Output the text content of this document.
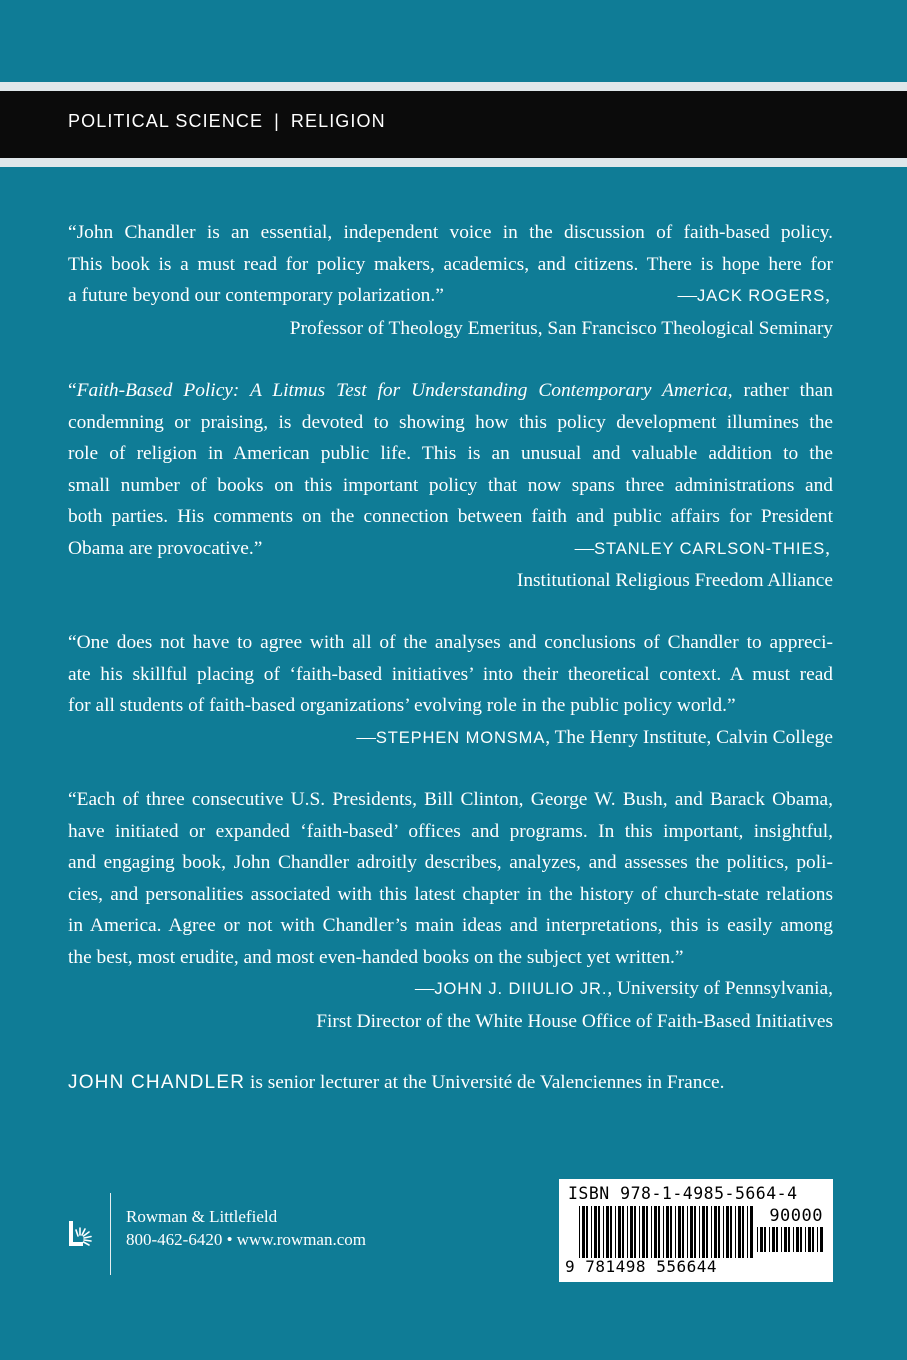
POLITICAL SCIENCE | RELIGION
“John Chandler is an essential, independent voice in the discussion of faith-based policy.
This book is a must read for policy makers, academics, and citizens. There is hope here for
a future beyond our contemporary polarization.”	—JACK ROGERS,
Professor of Theology Emeritus, San Francisco Theological Seminary
“Faith-Based Policy: A Litmus Test for Understanding Contemporary America, rather than
condemning or praising, is devoted to showing how this policy development illumines the
role of religion in American public life. This is an unusual and valuable addition to the
small number of books on this important policy that now spans three administrations and
both parties. His comments on the connection between faith and public affairs for President
Obama are provocative.”	—STANLEY CARLSON-THIES,
Institutional Religious Freedom Alliance
“One does not have to agree with all of the analyses and conclusions of Chandler to appreci-
ate his skillful placing of ‘faith-based initiatives’ into their theoretical context. A must read
for all students of faith-based organizations’ evolving role in the public policy world.”
—STEPHEN MONSMA, The Henry Institute, Calvin College
“Each of three consecutive U.S. Presidents, Bill Clinton, George W. Bush, and Barack Obama,
have initiated or expanded ‘faith-based’ offices and programs. In this important, insightful,
and engaging book, John Chandler adroitly describes, analyzes, and assesses the politics, poli-
cies, and personalities associated with this latest chapter in the history of church-state relations
in America. Agree or not with Chandler’s main ideas and interpretations, this is easily among
the best, most erudite, and most even-handed books on the subject yet written.”
—JOHN J. DIIULIO JR., University of Pennsylvania,
First Director of the White House Office of Faith-Based Initiatives
JOHN CHANDLER is senior lecturer at the Université de Valenciennes in France.
Rowman & Littlefield
800-462-6420 • www.rowman.com
ISBN 978-1-4985-5664-4
90000
9 781498 556644
